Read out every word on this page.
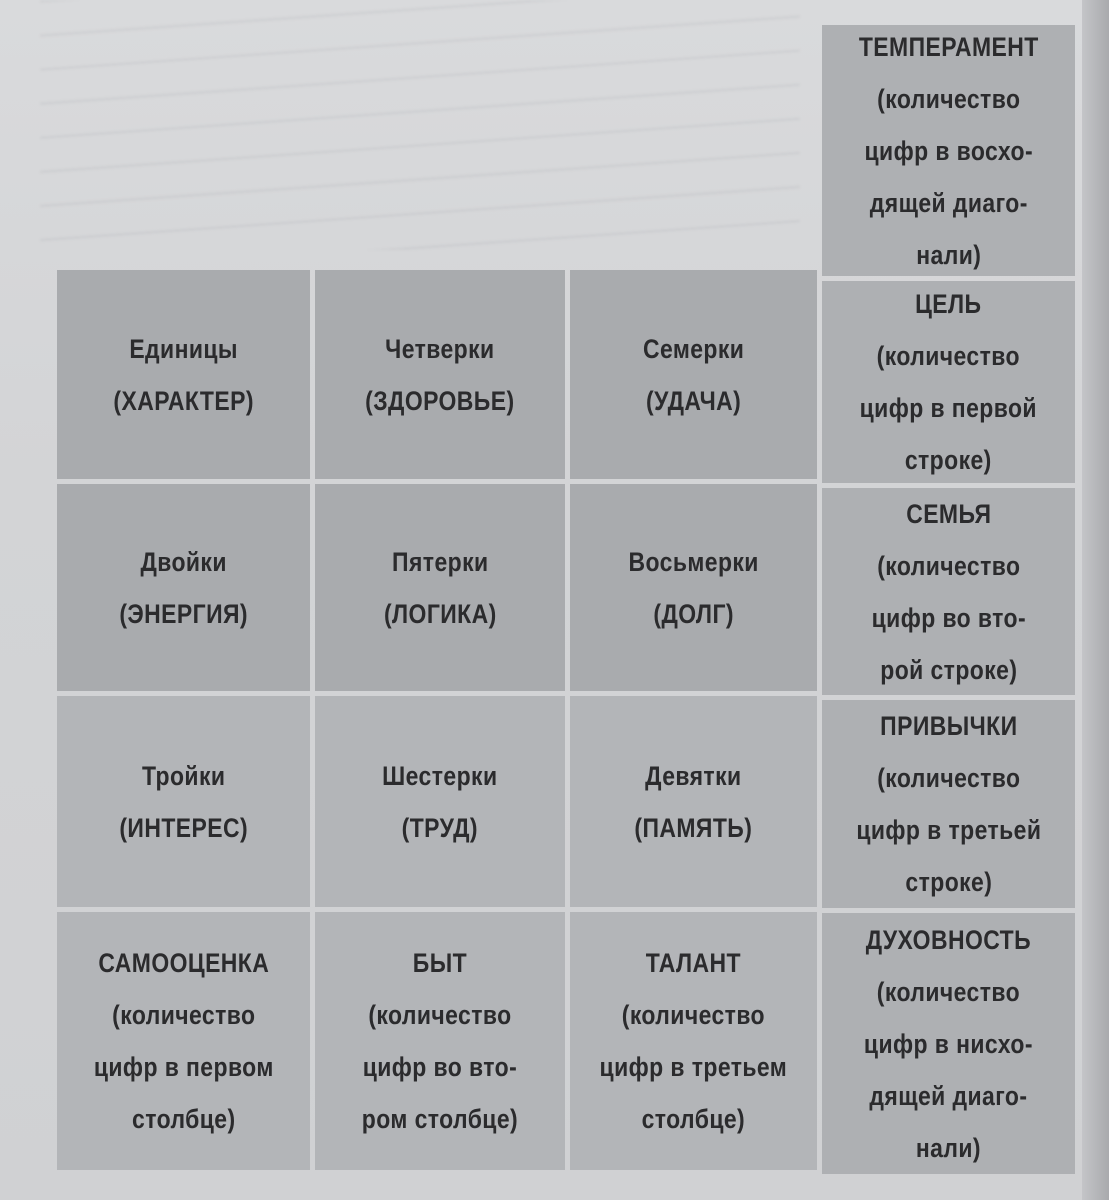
ТЕМПЕРАМЕНТ
(количество
цифр в восхо-
дящей диаго-
нали)
Единицы
(ХАРАКТЕР)
Четверки
(ЗДОРОВЬЕ)
Семерки
(УДАЧА)
ЦЕЛЬ
(количество
цифр в первой
строке)
Двойки
(ЭНЕРГИЯ)
Пятерки
(ЛОГИКА)
Восьмерки
(ДОЛГ)
СЕМЬЯ
(количество
цифр во вто-
рой строке)
Тройки
(ИНТЕРЕС)
Шестерки
(ТРУД)
Девятки
(ПАМЯТЬ)
ПРИВЫЧКИ
(количество
цифр в третьей
строке)
САМООЦЕНКА
(количество
цифр в первом
столбце)
БЫТ
(количество
цифр во вто-
ром столбце)
ТАЛАНТ
(количество
цифр в третьем
столбце)
ДУХОВНОСТЬ
(количество
цифр в нисхо-
дящей диаго-
нали)
